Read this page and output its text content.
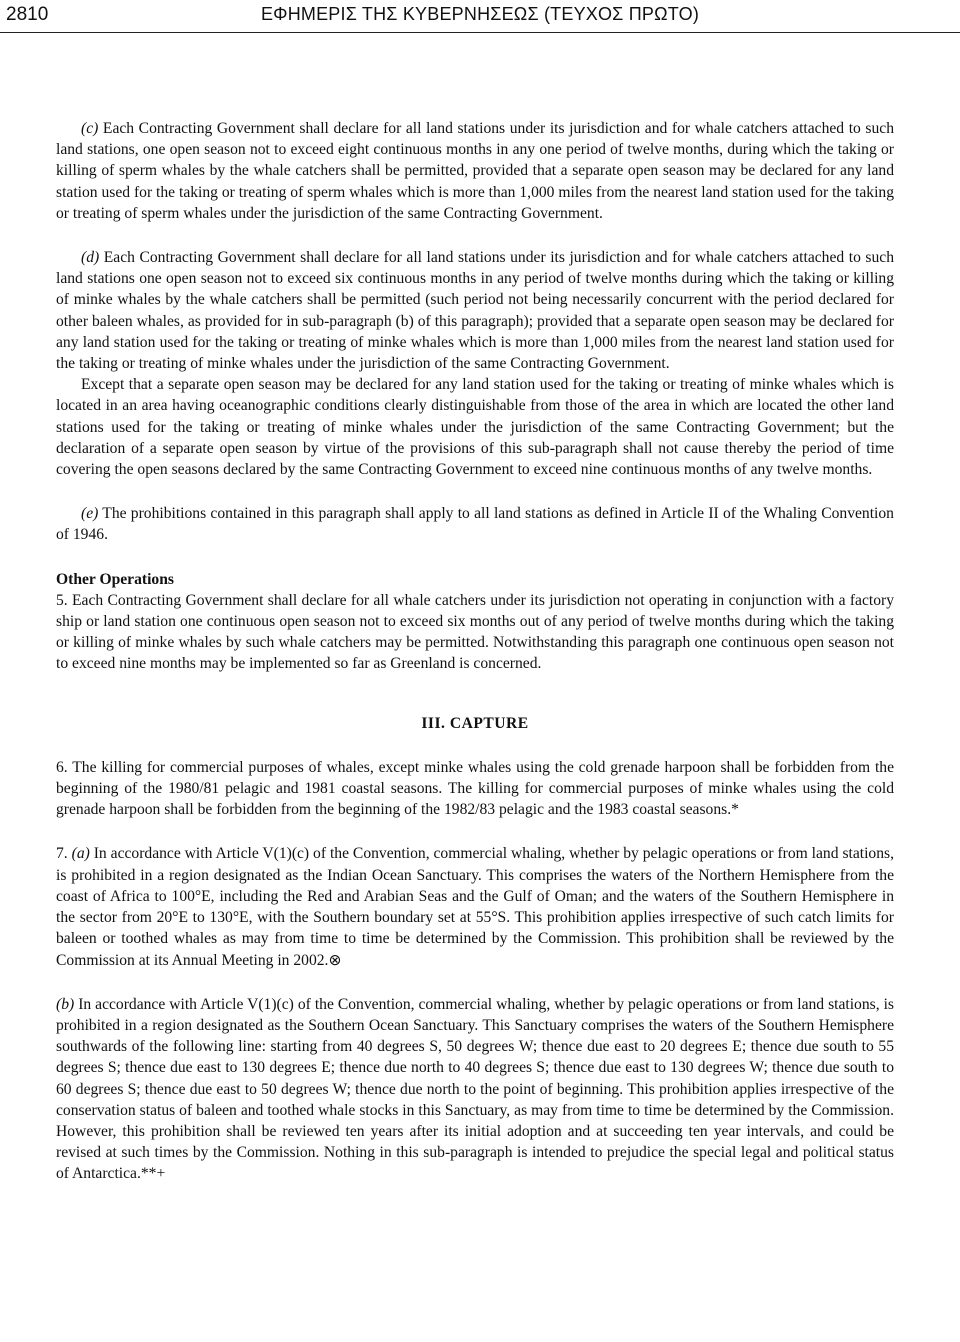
2810	ΕΦΗΜΕΡΙΣ ΤΗΣ ΚΥΒΕΡΝΗΣΕΩΣ (ΤΕΥΧΟΣ ΠΡΩΤΟ)

(c) Each Contracting Government shall declare for all land stations under its jurisdiction and for whale catchers attached to such land stations, one open season not to exceed eight continuous months in any one period of twelve months, during which the taking or killing of sperm whales by the whale catchers shall be permitted, provided that a separate open season may be declared for any land station used for the taking or treating of sperm whales which is more than 1,000 miles from the nearest land station used for the taking or treating of sperm whales under the jurisdiction of the same Contracting Government.

(d) Each Contracting Government shall declare for all land stations under its jurisdiction and for whale catchers attached to such land stations one open season not to exceed six continuous months in any period of twelve months during which the taking or killing of minke whales by the whale catchers shall be permitted (such period not being necessarily concurrent with the period declared for other baleen whales, as provided for in sub-paragraph (b) of this paragraph); provided that a separate open season may be declared for any land station used for the taking or treating of minke whales which is more than 1,000 miles from the nearest land station used for the taking or treating of minke whales under the jurisdiction of the same Contracting Government.

Except that a separate open season may be declared for any land station used for the taking or treating of minke whales which is located in an area having oceanographic conditions clearly distinguishable from those of the area in which are located the other land stations used for the taking or treating of minke whales under the jurisdiction of the same Contracting Government; but the declaration of a separate open season by virtue of the provisions of this sub-paragraph shall not cause thereby the period of time covering the open seasons declared by the same Contracting Government to exceed nine continuous months of any twelve months.

(e) The prohibitions contained in this paragraph shall apply to all land stations as defined in Article II of the Whaling Convention of 1946.

Other Operations

5. Each Contracting Government shall declare for all whale catchers under its jurisdiction not operating in conjunction with a factory ship or land station one continuous open season not to exceed six months out of any period of twelve months during which the taking or killing of minke whales by such whale catchers may be permitted. Notwithstanding this paragraph one continuous open season not to exceed nine months may be implemented so far as Greenland is concerned.

III. CAPTURE

6. The killing for commercial purposes of whales, except minke whales using the cold grenade harpoon shall be forbidden from the beginning of the 1980/81 pelagic and 1981 coastal seasons. The killing for commercial purposes of minke whales using the cold grenade harpoon shall be forbidden from the beginning of the 1982/83 pelagic and the 1983 coastal seasons.*

7. (a) In accordance with Article V(1)(c) of the Convention, commercial whaling, whether by pelagic operations or from land stations, is prohibited in a region designated as the Indian Ocean Sanctuary. This comprises the waters of the Northern Hemisphere from the coast of Africa to 100°E, including the Red and Arabian Seas and the Gulf of Oman; and the waters of the Southern Hemisphere in the sector from 20°E to 130°E, with the Southern boundary set at 55°S. This prohibition applies irrespective of such catch limits for baleen or toothed whales as may from time to time be determined by the Commission. This prohibition shall be reviewed by the Commission at its Annual Meeting in 2002.⊗

(b) In accordance with Article V(1)(c) of the Convention, commercial whaling, whether by pelagic operations or from land stations, is prohibited in a region designated as the Southern Ocean Sanctuary. This Sanctuary comprises the waters of the Southern Hemisphere southwards of the following line: starting from 40 degrees S, 50 degrees W; thence due east to 20 degrees E; thence due south to 55 degrees S; thence due east to 130 degrees E; thence due north to 40 degrees S; thence due east to 130 degrees W; thence due south to 60 degrees S; thence due east to 50 degrees W; thence due north to the point of beginning. This prohibition applies irrespective of the conservation status of baleen and toothed whale stocks in this Sanctuary, as may from time to time be determined by the Commission. However, this prohibition shall be reviewed ten years after its initial adoption and at succeeding ten year intervals, and could be revised at such times by the Commission. Nothing in this sub-paragraph is intended to prejudice the special legal and political status of Antarctica.**+
